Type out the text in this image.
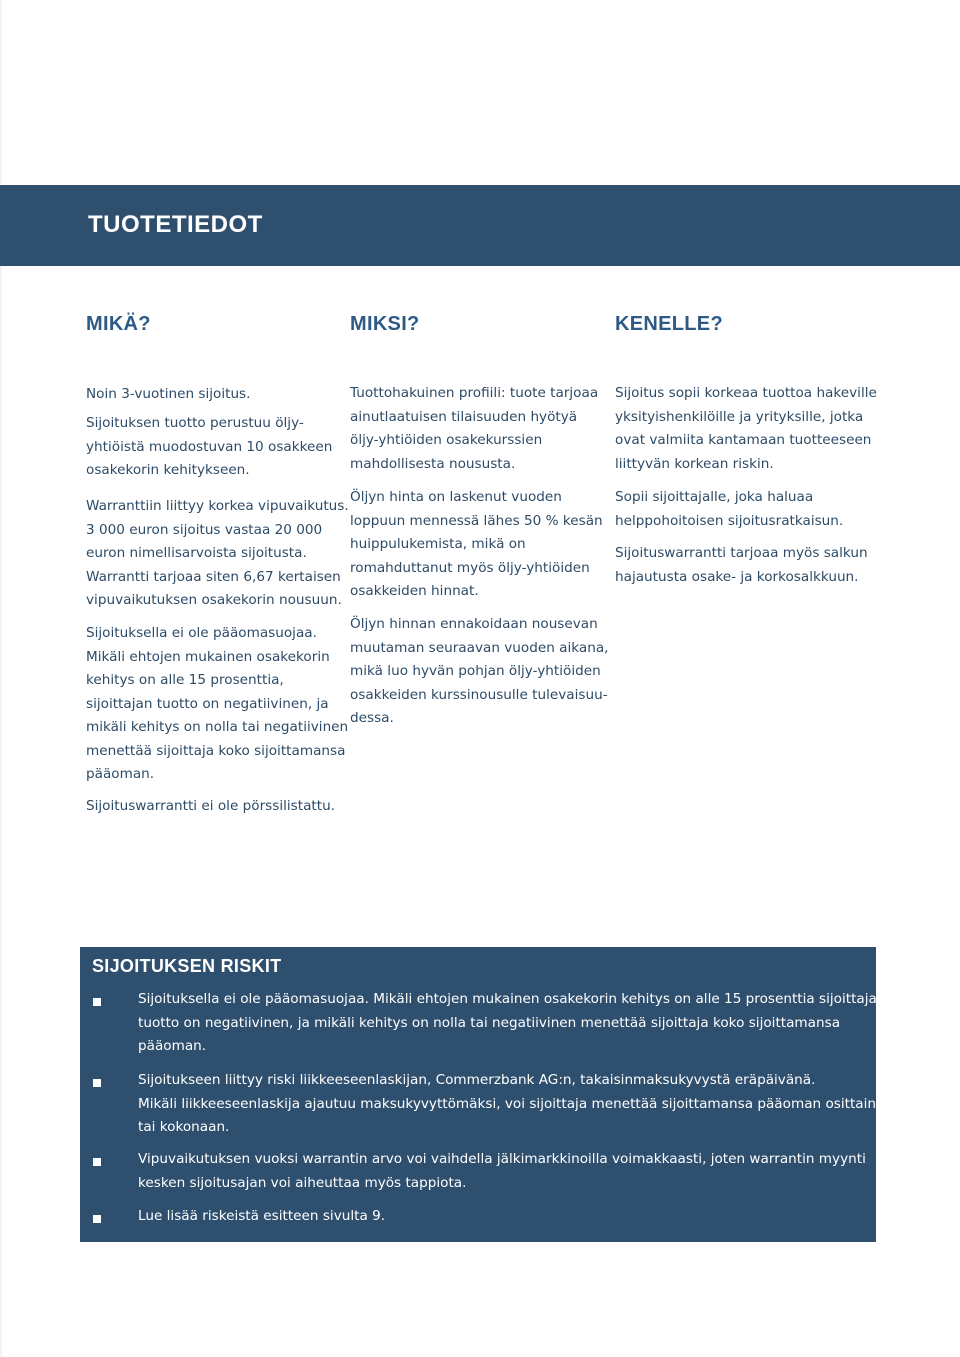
TUOTETIEDOT
MIKÄ?	MIKSI?	KENELLE?
Noin 3-vuotinen sijoitus.
Sijoituksen tuotto perustuu öljy-
yhtiöistä muodostuvan 10 osakkeen
osakekorin kehitykseen.
Warranttiin liittyy korkea vipuvaikutus.
3 000 euron sijoitus vastaa 20 000
euron nimellisarvoista sijoitusta.
Warrantti tarjoaa siten 6,67 kertaisen
vipuvaikutuksen osakekorin nousuun.
Sijoituksella ei ole pääomasuojaa.
Mikäli ehtojen mukainen osakekorin
kehitys on alle 15 prosenttia,
sijoittajan tuotto on negatiivinen, ja
mikäli kehitys on nolla tai negatiivinen
menettää sijoittaja koko sijoittamansa
pääoman.
Sijoituswarrantti ei ole pörssilistattu.
Tuottohakuinen profiili: tuote tarjoaa
ainutlaatuisen tilaisuuden hyötyä
öljy-yhtiöiden osakekurssien
mahdollisesta noususta.
Öljyn hinta on laskenut vuoden
loppuun mennessä lähes 50 % kesän
huippulukemista, mikä on
romahduttanut myös öljy-yhtiöiden
osakkeiden hinnat.
Öljyn hinnan ennakoidaan nousevan
muutaman seuraavan vuoden aikana,
mikä luo hyvän pohjan öljy-yhtiöiden
osakkeiden kurssinousulle tulevaisuu-
dessa.
Sijoitus sopii korkeaa tuottoa hakeville
yksityishenkilöille ja yrityksille, jotka
ovat valmiita kantamaan tuotteeseen
liittyvän korkean riskin.
Sopii sijoittajalle, joka haluaa
helppohoitoisen sijoitusratkaisun.
Sijoituswarrantti tarjoaa myös salkun
hajautusta osake- ja korkosalkkuun.
SIJOITUKSEN RISKIT
Sijoituksella ei ole pääomasuojaa. Mikäli ehtojen mukainen osakekorin kehitys on alle 15 prosenttia sijoittajan
tuotto on negatiivinen, ja mikäli kehitys on nolla tai negatiivinen menettää sijoittaja koko sijoittamansa
pääoman.
Sijoitukseen liittyy riski liikkeeseenlaskijan, Commerzbank AG:n, takaisinmaksukyvystä eräpäivänä.
Mikäli liikkeeseenlaskija ajautuu maksukyvyttömäksi, voi sijoittaja menettää sijoittamansa pääoman osittain
tai kokonaan.
Vipuvaikutuksen vuoksi warrantin arvo voi vaihdella jälkimarkkinoilla voimakkaasti, joten warrantin myynti
kesken sijoitusajan voi aiheuttaa myös tappiota.
Lue lisää riskeistä esitteen sivulta 9.
